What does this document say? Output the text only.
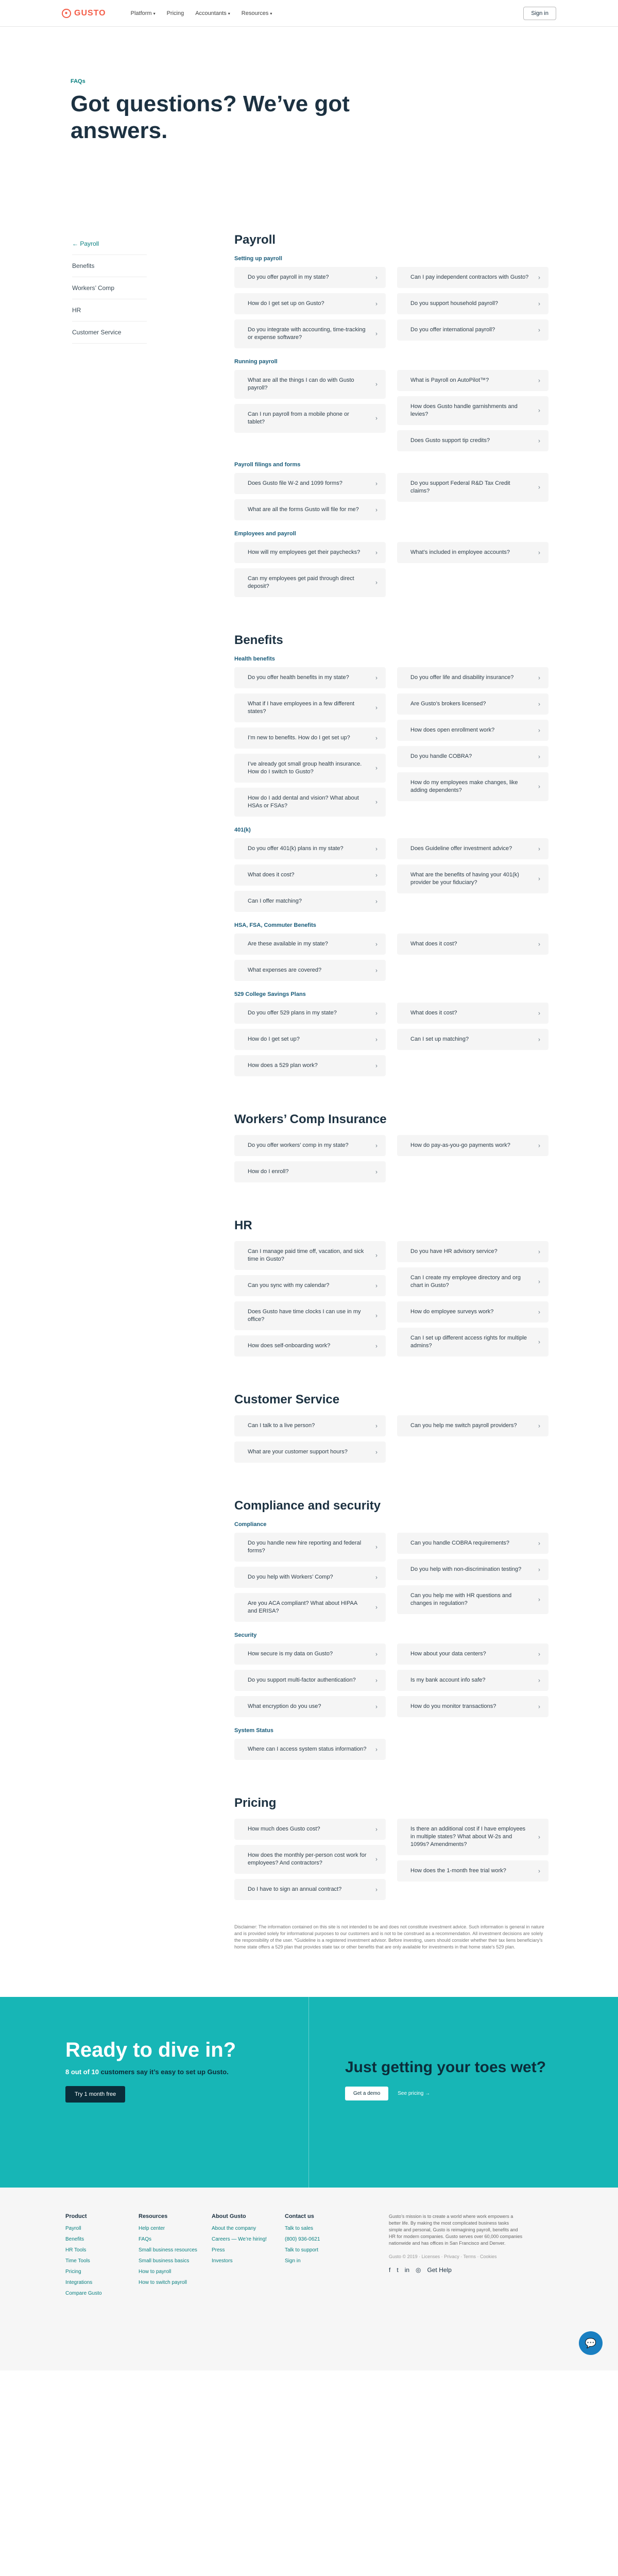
● GUSTO	Platform ▾ Pricing Accountants ▾ Resources ▾	Sign in
FAQs
Got questions? We’ve got answers.
← Payroll
Benefits
Workers’ Comp
HR
Customer Service
Payroll
Setting up payroll
Do you offer payroll in my state?	›
How do I get set up on Gusto?	›
Do you integrate with accounting, time-tracking or expense software?
›
Can I pay independent contractors with Gusto? ›
Do you support household payroll?	›
Do you offer international payroll?	›
Running payroll
What are all the things I can do with Gusto payroll?
›
Can I run payroll from a mobile phone or tablet?
›
What is Payroll on AutoPilot™?	›
How does Gusto handle garnishments and levies?
›
Does Gusto support tip credits?	›
Payroll filings and forms
Does Gusto file W-2 and 1099 forms?	›
What are all the forms Gusto will file for me?	›
Do you support Federal R&D Tax Credit claims?
›
Employees and payroll
How will my employees get their paychecks? ›
Can my employees get paid through direct deposit?
›
What’s included in employee accounts?	›
Benefits
Health benefits
Do you offer health benefits in my state?	›
What if I have employees in a few different states?
›
I’m new to benefits. How do I get set up?	›
I’ve already got small group health insurance. How do I switch to Gusto?
›
How do I add dental and vision? What about HSAs or FSAs?
›
Do you offer life and disability insurance?	›
Are Gusto’s brokers licensed?	›
How does open enrollment work?	›
Do you handle COBRA?	›
How do my employees make changes, like adding dependents?
›
401(k)
Do you offer 401(k) plans in my state?	›
What does it cost?	›
Can I offer matching?	›
Does Guideline offer investment advice?	›
What are the benefits of having your 401(k) provider be your fiduciary?
›
HSA, FSA, Commuter Benefits
Are these available in my state?	›
What expenses are covered?	›
What does it cost?	›
529 College Savings Plans
Do you offer 529 plans in my state?	›
How do I get set up?	›
How does a 529 plan work?	›
What does it cost?	›
Can I set up matching?	›
Workers’ Comp Insurance
Do you offer workers’ comp in my state?	›
How do I enroll?	›
How do pay-as-you-go payments work?	›
HR
Can I manage paid time off, vacation, and sick time in Gusto?
›
Can you sync with my calendar?	›
Does Gusto have time clocks I can use in my office?
›
How does self-onboarding work?	›
Do you have HR advisory service?	›
Can I create my employee directory and org chart in Gusto?
›
How do employee surveys work?	›
Can I set up different access rights for multiple admins?
›
Customer Service
Can I talk to a live person?	›
What are your customer support hours?	›
Can you help me switch payroll providers?	›
Compliance and security
Compliance
Do you handle new hire reporting and federal forms?
›
Do you help with Workers’ Comp?	›
Are you ACA compliant? What about HIPAA and ERISA?
›
Can you handle COBRA requirements?	›
Do you help with non-discrimination testing?	›
Can you help me with HR questions and changes in regulation?
›
Security
How secure is my data on Gusto?	›
Do you support multi-factor authentication?	›
What encryption do you use?	›
How about your data centers?	›
Is my bank account info safe?	›
How do you monitor transactions?	›
System Status
Where can I access system status information? ›
Pricing
How much does Gusto cost?	›
How does the monthly per-person cost work for employees? And contractors?
›
Do I have to sign an annual contract?	›
Is there an additional cost if I have employees in multiple states? What about W-2s and 1099s? Amendments?
›
How does the 1-month free trial work?	›

Disclaimer: The information contained on this site is not intended to be and does not constitute investment advice. Such information is general in nature and is provided solely for informational purposes to our customers and is not to be construed as a recommendation. All investment decisions are solely the responsibility of the user. *Guideline is a registered investment advisor. Before investing, users should consider whether their tax liens beneficiary's home state offers a 529 plan that provides state tax or other benefits that are only available for investments in that home state's 529 plan.

Ready to dive in?
8 out of 10 customers say it’s easy to set up Gusto.
Try 1 month free
Just getting your toes wet?
Get a demo	See pricing →
Product
Payroll
Benefits
HR Tools
Time Tools
Pricing
Integrations
Compare Gusto
Resources
Help center
FAQs
Small business resources
Small business basics
How to payroll
How to switch payroll
About Gusto
About the company
Careers — We’re hiring!
Press
Investors
Contact us
Talk to sales
(800) 936-0621
Talk to support
Sign in

Gusto’s mission is to create a world where work empowers a better life. By making the most complicated business tasks simple and personal, Gusto is reimagining payroll, benefits and HR for modern companies. Gusto serves over 60,000 companies nationwide and has offices in San Francisco and Denver.

Gusto © 2019 · Licenses · Privacy · Terms · Cookies
f t in ◎ Get Help
💬
